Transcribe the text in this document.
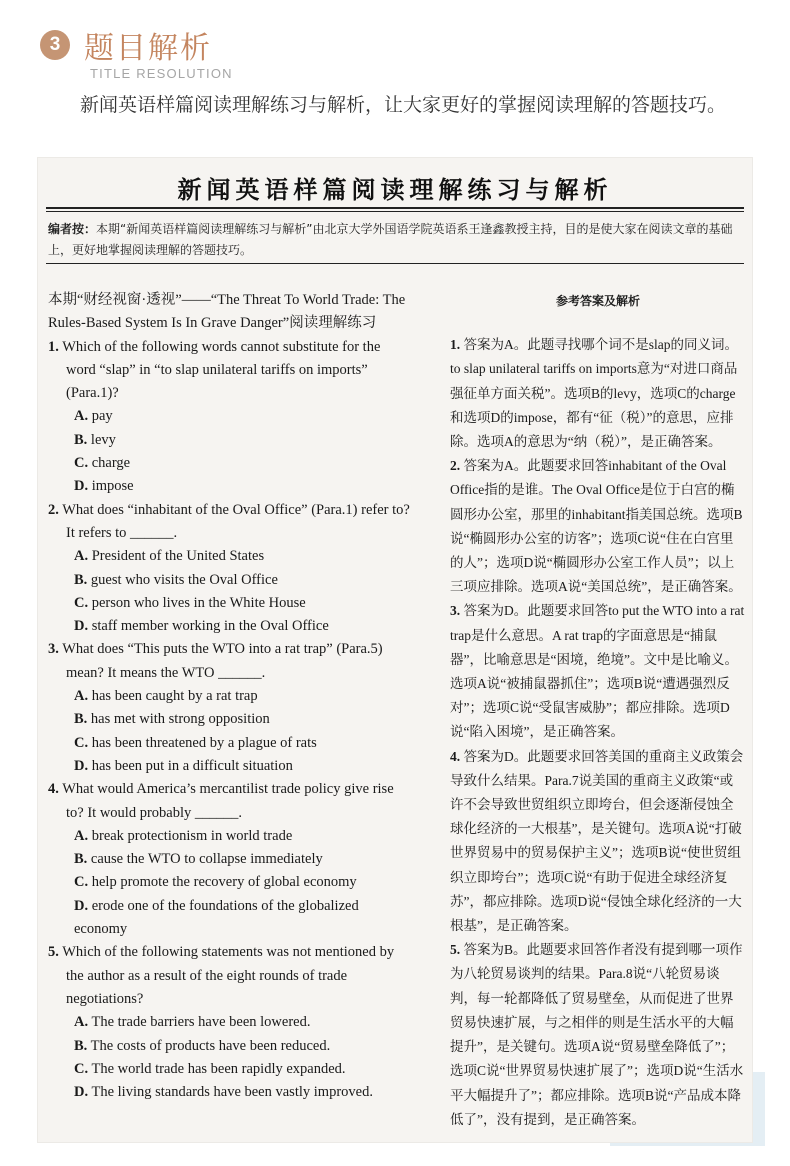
3 题目解析
TITLE RESOLUTION
新闻英语样篇阅读理解练习与解析，让大家更好的掌握阅读理解的答题技巧。
新闻英语样篇阅读理解练习与解析
编者按：本期“新闻英语样篇阅读理解练习与解析”由北京大学外国语学院英语系王逢鑫教授主持，目的是使大家在阅读文章的基础上，更好地掌握阅读理解的答题技巧。

本期“财经视窗·透视”——“The Threat To World Trade: The Rules-Based System Is In Grave Danger”阅读理解练习

1. Which of the following words cannot substitute for the word “slap” in “to slap unilateral tariffs on imports” (Para.1)?

A. pay

B. levy

C. charge

D. impose

2. What does “inhabitant of the Oval Office” (Para.1) refer to? It refers to ______.

A. President of the United States

B. guest who visits the Oval Office

C. person who lives in the White House

D. staff member working in the Oval Office

3. What does “This puts the WTO into a rat trap” (Para.5) mean? It means the WTO ______.

A. has been caught by a rat trap

B. has met with strong opposition

C. has been threatened by a plague of rats

D. has been put in a difficult situation

4. What would America’s mercantilist trade policy give rise to? It would probably ______.

A. break protectionism in world trade

B. cause the WTO to collapse immediately

C. help promote the recovery of global economy

D. erode one of the foundations of the globalized economy

5. Which of the following statements was not mentioned by the author as a result of the eight rounds of trade negotiations?

A. The trade barriers have been lowered.

B. The costs of products have been reduced.

C. The world trade has been rapidly expanded.

D. The living standards have been vastly improved.

参考答案及解析

1. 答案为A。此题寻找哪个词不是slap的同义词。to slap unilateral tariffs on imports意为“对进口商品强征单方面关税”。选项B的levy，选项C的charge和选项D的impose，都有“征（税）”的意思，应排除。选项A的意思为“纳（税）”，是正确答案。

2. 答案为A。此题要求回答inhabitant of the Oval Office指的是谁。The Oval Office是位于白宫的椭圆形办公室，那里的inhabitant指美国总统。选项B说“椭圆形办公室的访客”；选项C说“住在白宫里的人”；选项D说“椭圆形办公室工作人员”；以上三项应排除。选项A说“美国总统”，是正确答案。

3. 答案为D。此题要求回答to put the WTO into a rat trap是什么意思。A rat trap的字面意思是“捕鼠器”，比喻意思是“困境，绝境”。文中是比喻义。选项A说“被捕鼠器抓住”；选项B说“遭遇强烈反对”；选项C说“受鼠害威胁”；都应排除。选项D说“陷入困境”，是正确答案。

4. 答案为D。此题要求回答美国的重商主义政策会导致什么结果。Para.7说美国的重商主义政策“或许不会导致世贸组织立即垮台，但会逐渐侵蚀全球化经济的一大根基”，是关键句。选项A说“打破世界贸易中的贸易保护主义”；选项B说“使世贸组织立即垮台”；选项C说“有助于促进全球经济复苏”，都应排除。选项D说“侵蚀全球化经济的一大根基”，是正确答案。

5. 答案为B。此题要求回答作者没有提到哪一项作为八轮贸易谈判的结果。Para.8说“八轮贸易谈判，每一轮都降低了贸易壁垒，从而促进了世界贸易快速扩展，与之相伴的则是生活水平的大幅提升”，是关键句。选项A说“贸易壁垒降低了”；选项C说“世界贸易快速扩展了”；选项D说“生活水平大幅提升了”；都应排除。选项B说“产品成本降低了”，没有提到，是正确答案。
